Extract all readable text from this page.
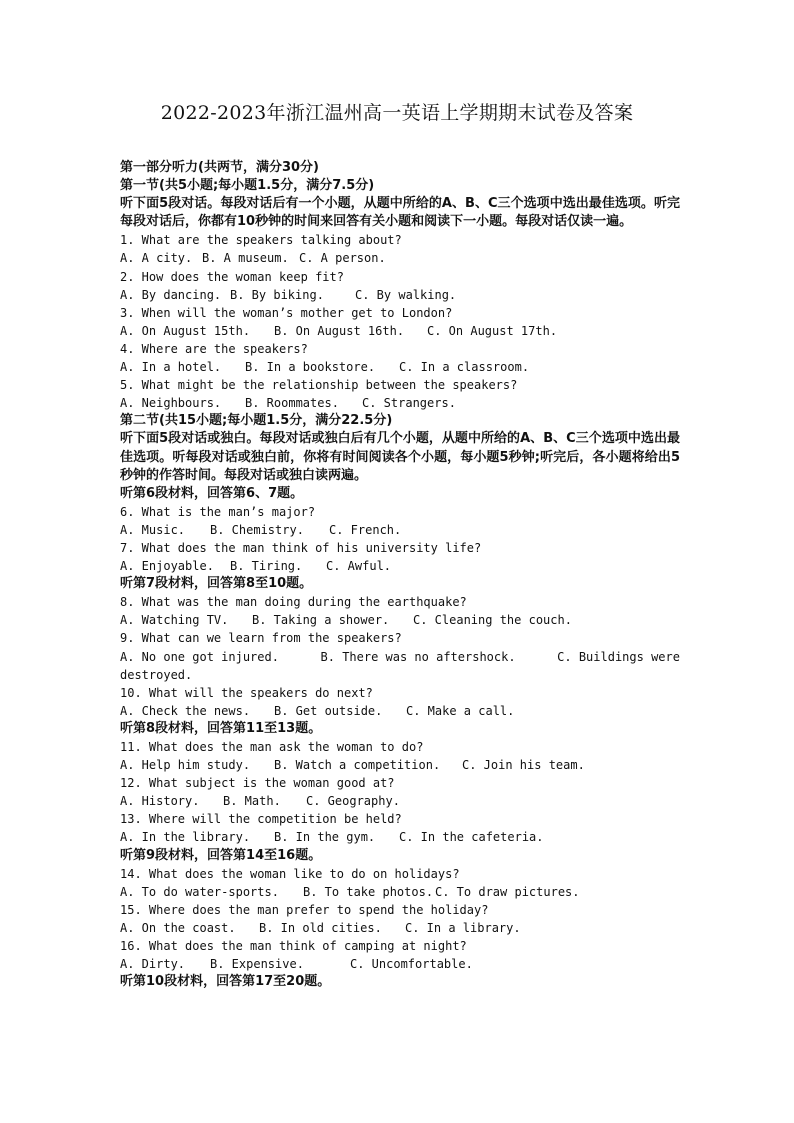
2022-2023年浙江温州高一英语上学期期末试卷及答案
第一部分听力(共两节，满分30分)
第一节(共5小题;每小题1.5分，满分7.5分)
听下面5段对话。每段对话后有一个小题，从题中所给的A、B、C三个选项中选出最佳选项。听完每段对话后，你都有10秒钟的时间来回答有关小题和阅读下一小题。每段对话仅读一遍。
1. What are the speakers talking about?
A. A city. B. A museum. C. A person.
2. How does the woman keep fit?
A. By dancing. B. By biking.	C. By walking.
3. When will the woman’s mother get to London?
A. On August 15th. B. On August 16th. C. On August 17th.
4. Where are the speakers?
A. In a hotel. B. In a bookstore. C. In a classroom.
5. What might be the relationship between the speakers?
A. Neighbours. B. Roommates. C. Strangers.
第二节(共15小题;每小题1.5分，满分22.5分)
听下面5段对话或独白。每段对话或独白后有几个小题，从题中所给的A、B、C三个选项中选出最佳选项。听每段对话或独白前，你将有时间阅读各个小题，每小题5秒钟;听完后，各小题将给出5秒钟的作答时间。每段对话或独白读两遍。
听第6段材料，回答第6、7题。
6. What is the man’s major?
A. Music. B. Chemistry. C. French.
7. What does the man think of his university life?
A. Enjoyable. B. Tiring. C. Awful.
听第7段材料，回答第8至10题。
8. What was the man doing during the earthquake?
A. Watching TV. B. Taking a shower. C. Cleaning the couch.
9. What can we learn from the speakers?
A. No one got injured.	B. There was no aftershock.	C. Buildings were
destroyed.
10. What will the speakers do next?
A. Check the news. B. Get outside. C. Make a call.
听第8段材料，回答第11至13题。
11. What does the man ask the woman to do?
A. Help him study. B. Watch a competition. C. Join his team.
12. What subject is the woman good at?
A. History. B. Math. C. Geography.
13. Where will the competition be held?
A. In the library. B. In the gym. C. In the cafeteria.
听第9段材料，回答第14至16题。
14. What does the woman like to do on holidays?
A. To do water-sports. B. To take photos. C. To draw pictures.
15. Where does the man prefer to spend the holiday?
A. On the coast. B. In old cities. C. In a library.
16. What does the man think of camping at night?
A. Dirty. B. Expensive.	C. Uncomfortable.
听第10段材料，回答第17至20题。
